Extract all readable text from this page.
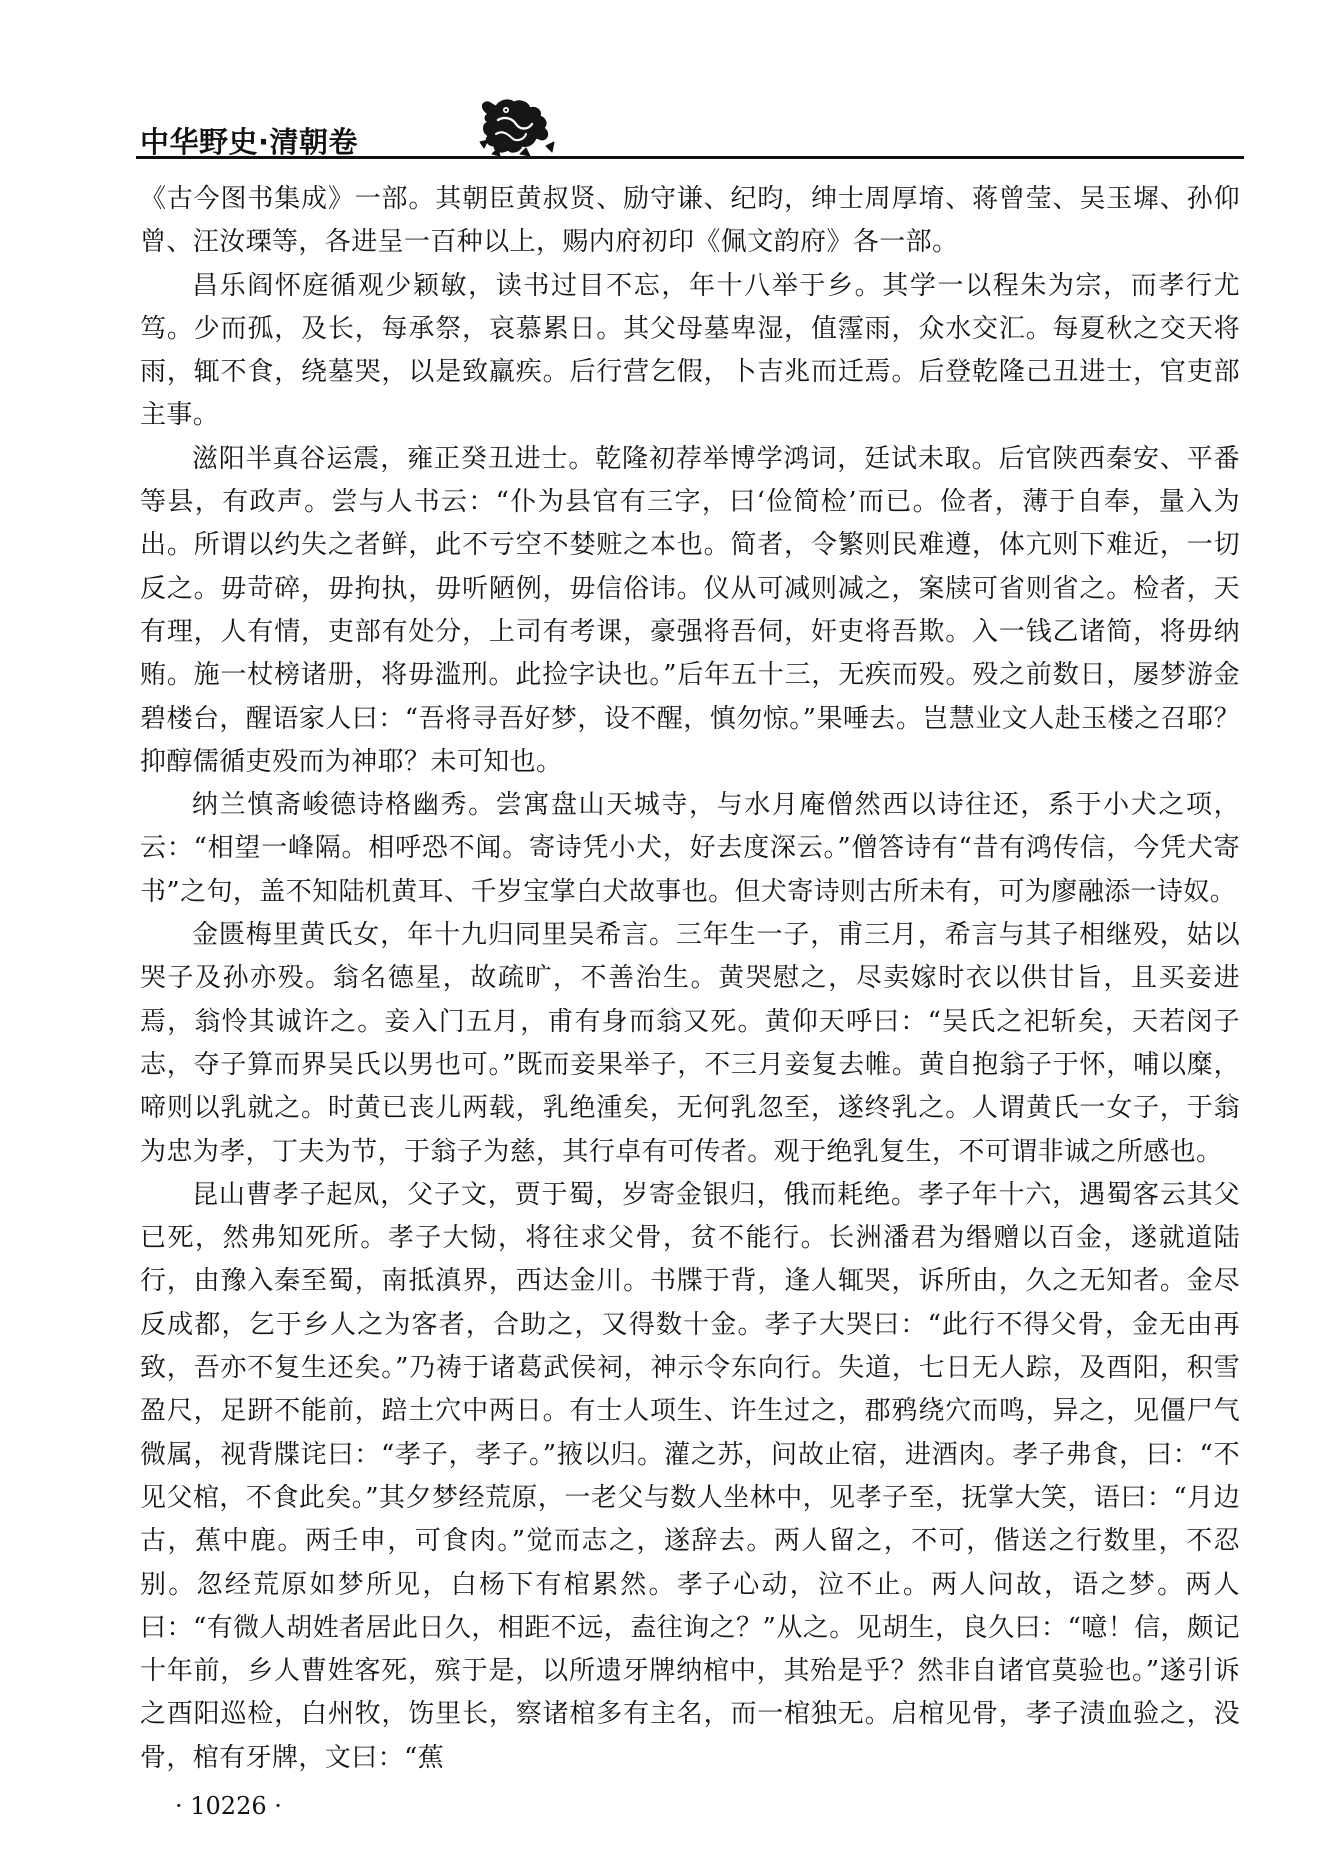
中华野史·清朝卷

《古今图书集成》一部。其朝臣黄叔贤、励守谦、纪昀，绅士周厚堉、蒋曾莹、吴玉墀、孙仰曾、汪汝瑮等，各进呈一百种以上，赐内府初印《佩文韵府》各一部。

昌乐阎怀庭循观少颖敏，读书过目不忘，年十八举于乡。其学一以程朱为宗，而孝行尤笃。少而孤，及长，每承祭，哀慕累日。其父母墓卑湿，值霪雨，众水交汇。每夏秋之交天将雨，辄不食，绕墓哭，以是致羸疾。后行营乞假，卜吉兆而迁焉。后登乾隆己丑进士，官吏部主事。

滋阳半真谷运震，雍正癸丑进士。乾隆初荐举博学鸿词，廷试未取。后官陕西秦安、平番等县，有政声。尝与人书云：“仆为县官有三字，曰‘俭简检’而已。俭者，薄于自奉，量入为出。所谓以约失之者鲜，此不亏空不婪赃之本也。简者，令繁则民难遵，体亢则下难近，一切反之。毋苛碎，毋拘执，毋听陋例，毋信俗讳。仪从可减则减之，案牍可省则省之。检者，天有理，人有情，吏部有处分，上司有考课，豪强将吾伺，奸吏将吾欺。入一钱乙诸简，将毋纳贿。施一杖榜诸册，将毋滥刑。此捡字诀也。”后年五十三，无疾而殁。殁之前数日，屡梦游金碧楼台，醒语家人曰：“吾将寻吾好梦，设不醒，慎勿惊。”果唾去。岂慧业文人赴玉楼之召耶？抑醇儒循吏殁而为神耶？未可知也。

纳兰慎斋峻德诗格幽秀。尝寓盘山天城寺，与水月庵僧然西以诗往还，系于小犬之项，云：“相望一峰隔。相呼恐不闻。寄诗凭小犬，好去度深云。”僧答诗有“昔有鸿传信，今凭犬寄书”之句，盖不知陆机黄耳、千岁宝掌白犬故事也。但犬寄诗则古所未有，可为廖融添一诗奴。

金匮梅里黄氏女，年十九归同里吴希言。三年生一子，甫三月，希言与其子相继殁，姑以哭子及孙亦殁。翁名德星，故疏旷，不善治生。黄哭慰之，尽卖嫁时衣以供甘旨，且买妾进焉，翁怜其诚许之。妾入门五月，甫有身而翁又死。黄仰天呼曰：“吴氏之祀斩矣，天若闵子志，夺子算而界吴氏以男也可。”既而妾果举子，不三月妾复去帷。黄自抱翁子于怀，哺以糜，啼则以乳就之。时黄已丧儿两载，乳绝湩矣，无何乳忽至，遂终乳之。人谓黄氏一女子，于翁为忠为孝，丁夫为节，于翁子为慈，其行卓有可传者。观于绝乳复生，不可谓非诚之所感也。

昆山曹孝子起凤，父子文，贾于蜀，岁寄金银归，俄而耗绝。孝子年十六，遇蜀客云其父已死，然弗知死所。孝子大恸，将往求父骨，贫不能行。长洲潘君为缗赠以百金，遂就道陆行，由豫入秦至蜀，南抵滇界，西达金川。书牒于背，逢人辄哭，诉所由，久之无知者。金尽反成都，乞于乡人之为客者，合助之，又得数十金。孝子大哭曰：“此行不得父骨，金无由再致，吾亦不复生还矣。”乃祷于诸葛武侯祠，神示令东向行。失道，七日无人踪，及酉阳，积雪盈尺，足趼不能前，踣土穴中两日。有士人项生、许生过之，郡鸦绕穴而鸣，异之，见僵尸气微属，视背牒诧曰：“孝子，孝子。”掖以归。灌之苏，问故止宿，进酒肉。孝子弗食，曰：“不见父棺，不食此矣。”其夕梦经荒原，一老父与数人坐林中，见孝子至，抚掌大笑，语曰：“月边古，蕉中鹿。两壬申，可食肉。”觉而志之，遂辞去。两人留之，不可，偕送之行数里，不忍别。忽经荒原如梦所见，白杨下有棺累然。孝子心动，泣不止。两人问故，语之梦。两人曰：“有微人胡姓者居此日久，相距不远，盍往询之？”从之。见胡生，良久曰：“噫！信，颇记十年前，乡人曹姓客死，殡于是，以所遗牙牌纳棺中，其殆是乎？然非自诸官莫验也。”遂引诉之酉阳巡检，白州牧，饬里长，察诸棺多有主名，而一棺独无。启棺见骨，孝子渍血验之，没骨，棺有牙牌，文曰：“蕉

· 10226 ·
